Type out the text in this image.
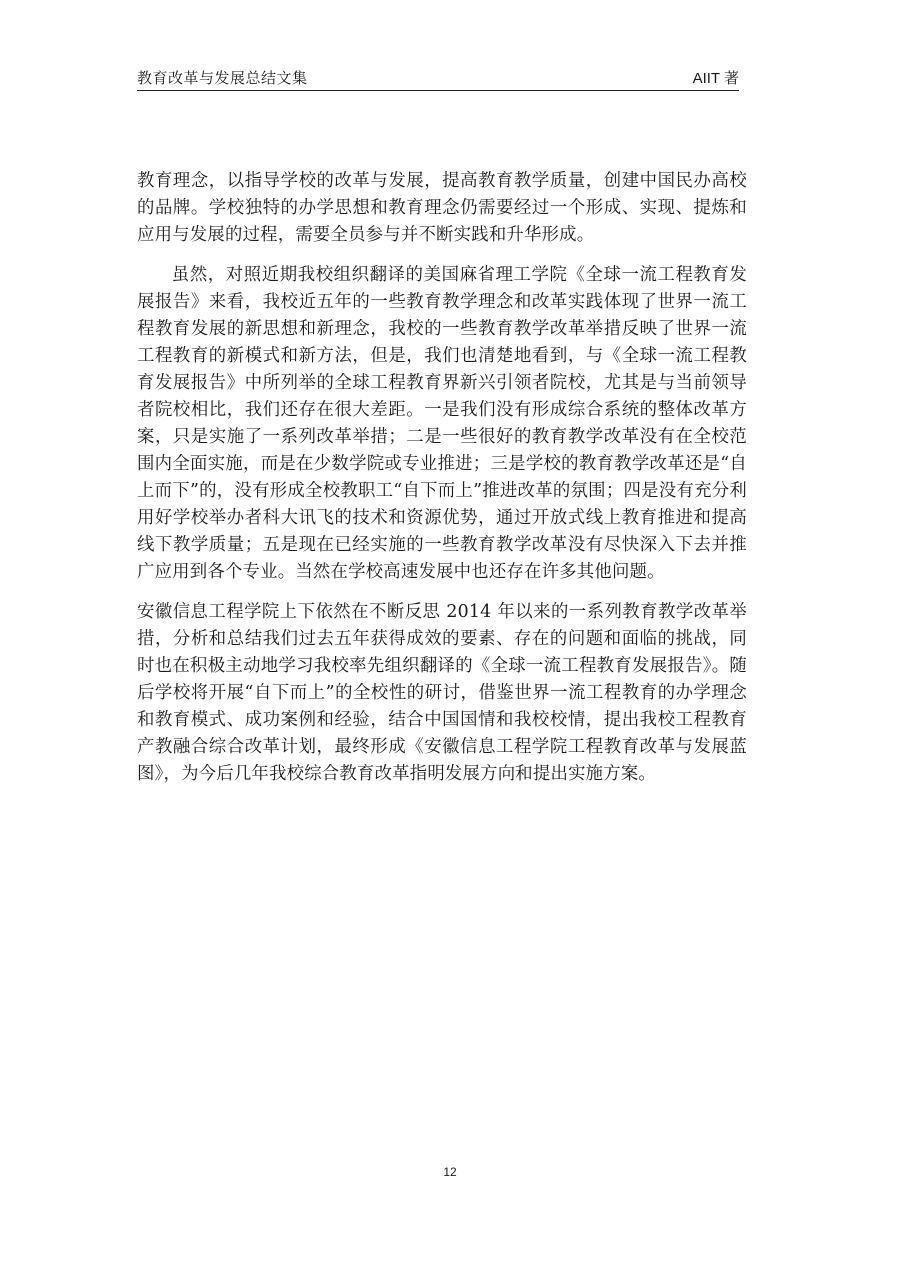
教育改革与发展总结文集	AIIT 著

教育理念，以指导学校的改革与发展，提高教育教学质量，创建中国民办高校的品牌。学校独特的办学思想和教育理念仍需要经过一个形成、实现、提炼和应用与发展的过程，需要全员参与并不断实践和升华形成。

虽然，对照近期我校组织翻译的美国麻省理工学院《全球一流工程教育发展报告》来看，我校近五年的一些教育教学理念和改革实践体现了世界一流工程教育发展的新思想和新理念，我校的一些教育教学改革举措反映了世界一流工程教育的新模式和新方法，但是，我们也清楚地看到，与《全球一流工程教育发展报告》中所列举的全球工程教育界新兴引领者院校，尤其是与当前领导者院校相比，我们还存在很大差距。一是我们没有形成综合系统的整体改革方案，只是实施了一系列改革举措；二是一些很好的教育教学改革没有在全校范围内全面实施，而是在少数学院或专业推进；三是学校的教育教学改革还是“自上而下”的，没有形成全校教职工“自下而上”推进改革的氛围；四是没有充分利用好学校举办者科大讯飞的技术和资源优势，通过开放式线上教育推进和提高线下教学质量；五是现在已经实施的一些教育教学改革没有尽快深入下去并推广应用到各个专业。当然在学校高速发展中也还存在许多其他问题。

安徽信息工程学院上下依然在不断反思 2014 年以来的一系列教育教学改革举措，分析和总结我们过去五年获得成效的要素、存在的问题和面临的挑战，同时也在积极主动地学习我校率先组织翻译的《全球一流工程教育发展报告》。随后学校将开展“自下而上”的全校性的研讨，借鉴世界一流工程教育的办学理念和教育模式、成功案例和经验，结合中国国情和我校校情，提出我校工程教育产教融合综合改革计划，最终形成《安徽信息工程学院工程教育改革与发展蓝图》，为今后几年我校综合教育改革指明发展方向和提出实施方案。

12
